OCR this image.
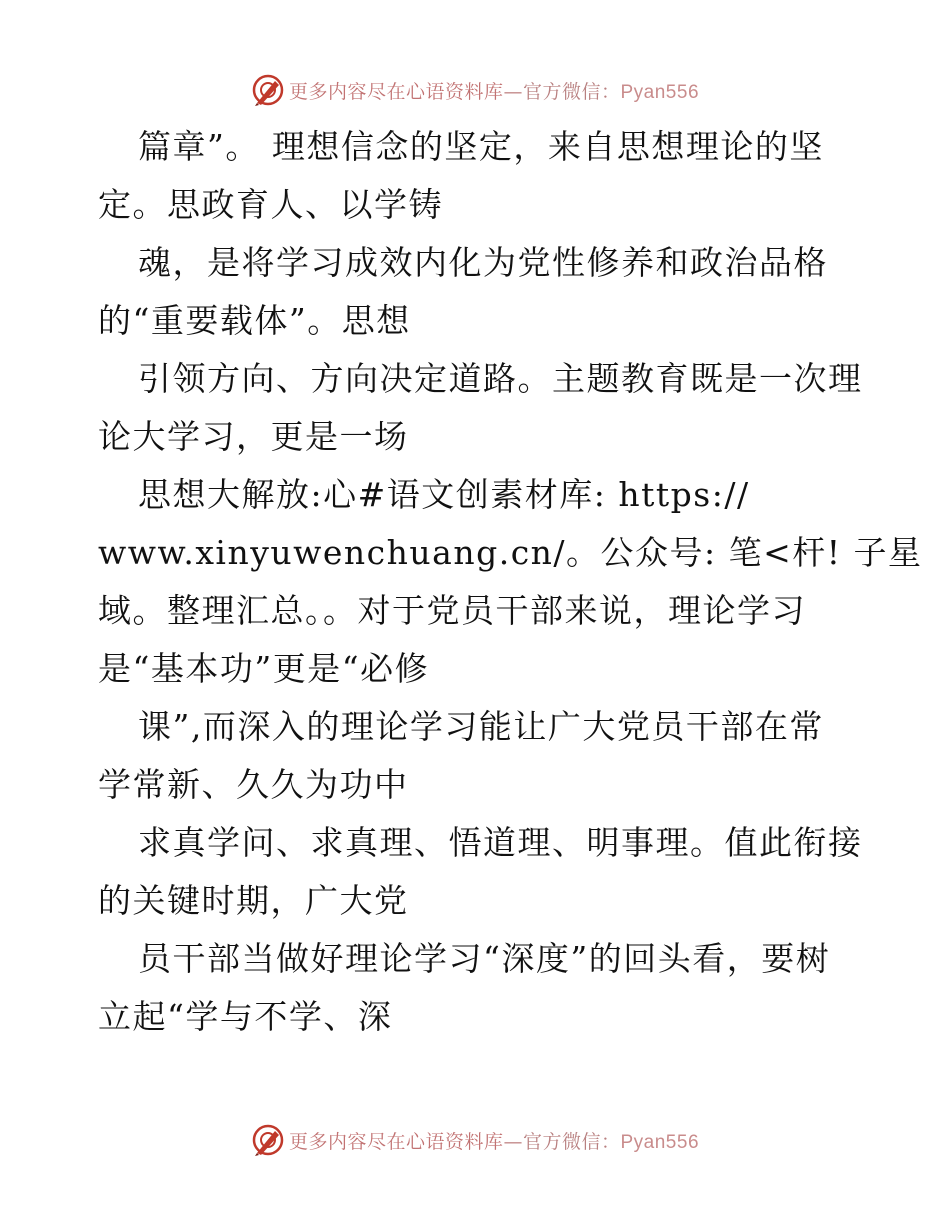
更多内容尽在心语资料库—官方微信：Pyan556
篇章”。 理想信念的坚定，来自思想理论的坚
定。思政育人、以学铸
魂，是将学习成效内化为党性修养和政治品格
的“重要载体”。思想
引领方向、方向决定道路。主题教育既是一次理
论大学习，更是一场
思想大解放:心#语文创素材库: https://
www.xinyuwenchuang.cn/。公众号: 笔<杆! 子星
域。整理汇总。。对于党员干部来说，理论学习
是“基本功”更是“必修
课”,而深入的理论学习能让广大党员干部在常
学常新、久久为功中
求真学问、求真理、悟道理、明事理。值此衔接
的关键时期，广大党
员干部当做好理论学习“深度”的回头看，要树
立起“学与不学、深
更多内容尽在心语资料库—官方微信：Pyan556
